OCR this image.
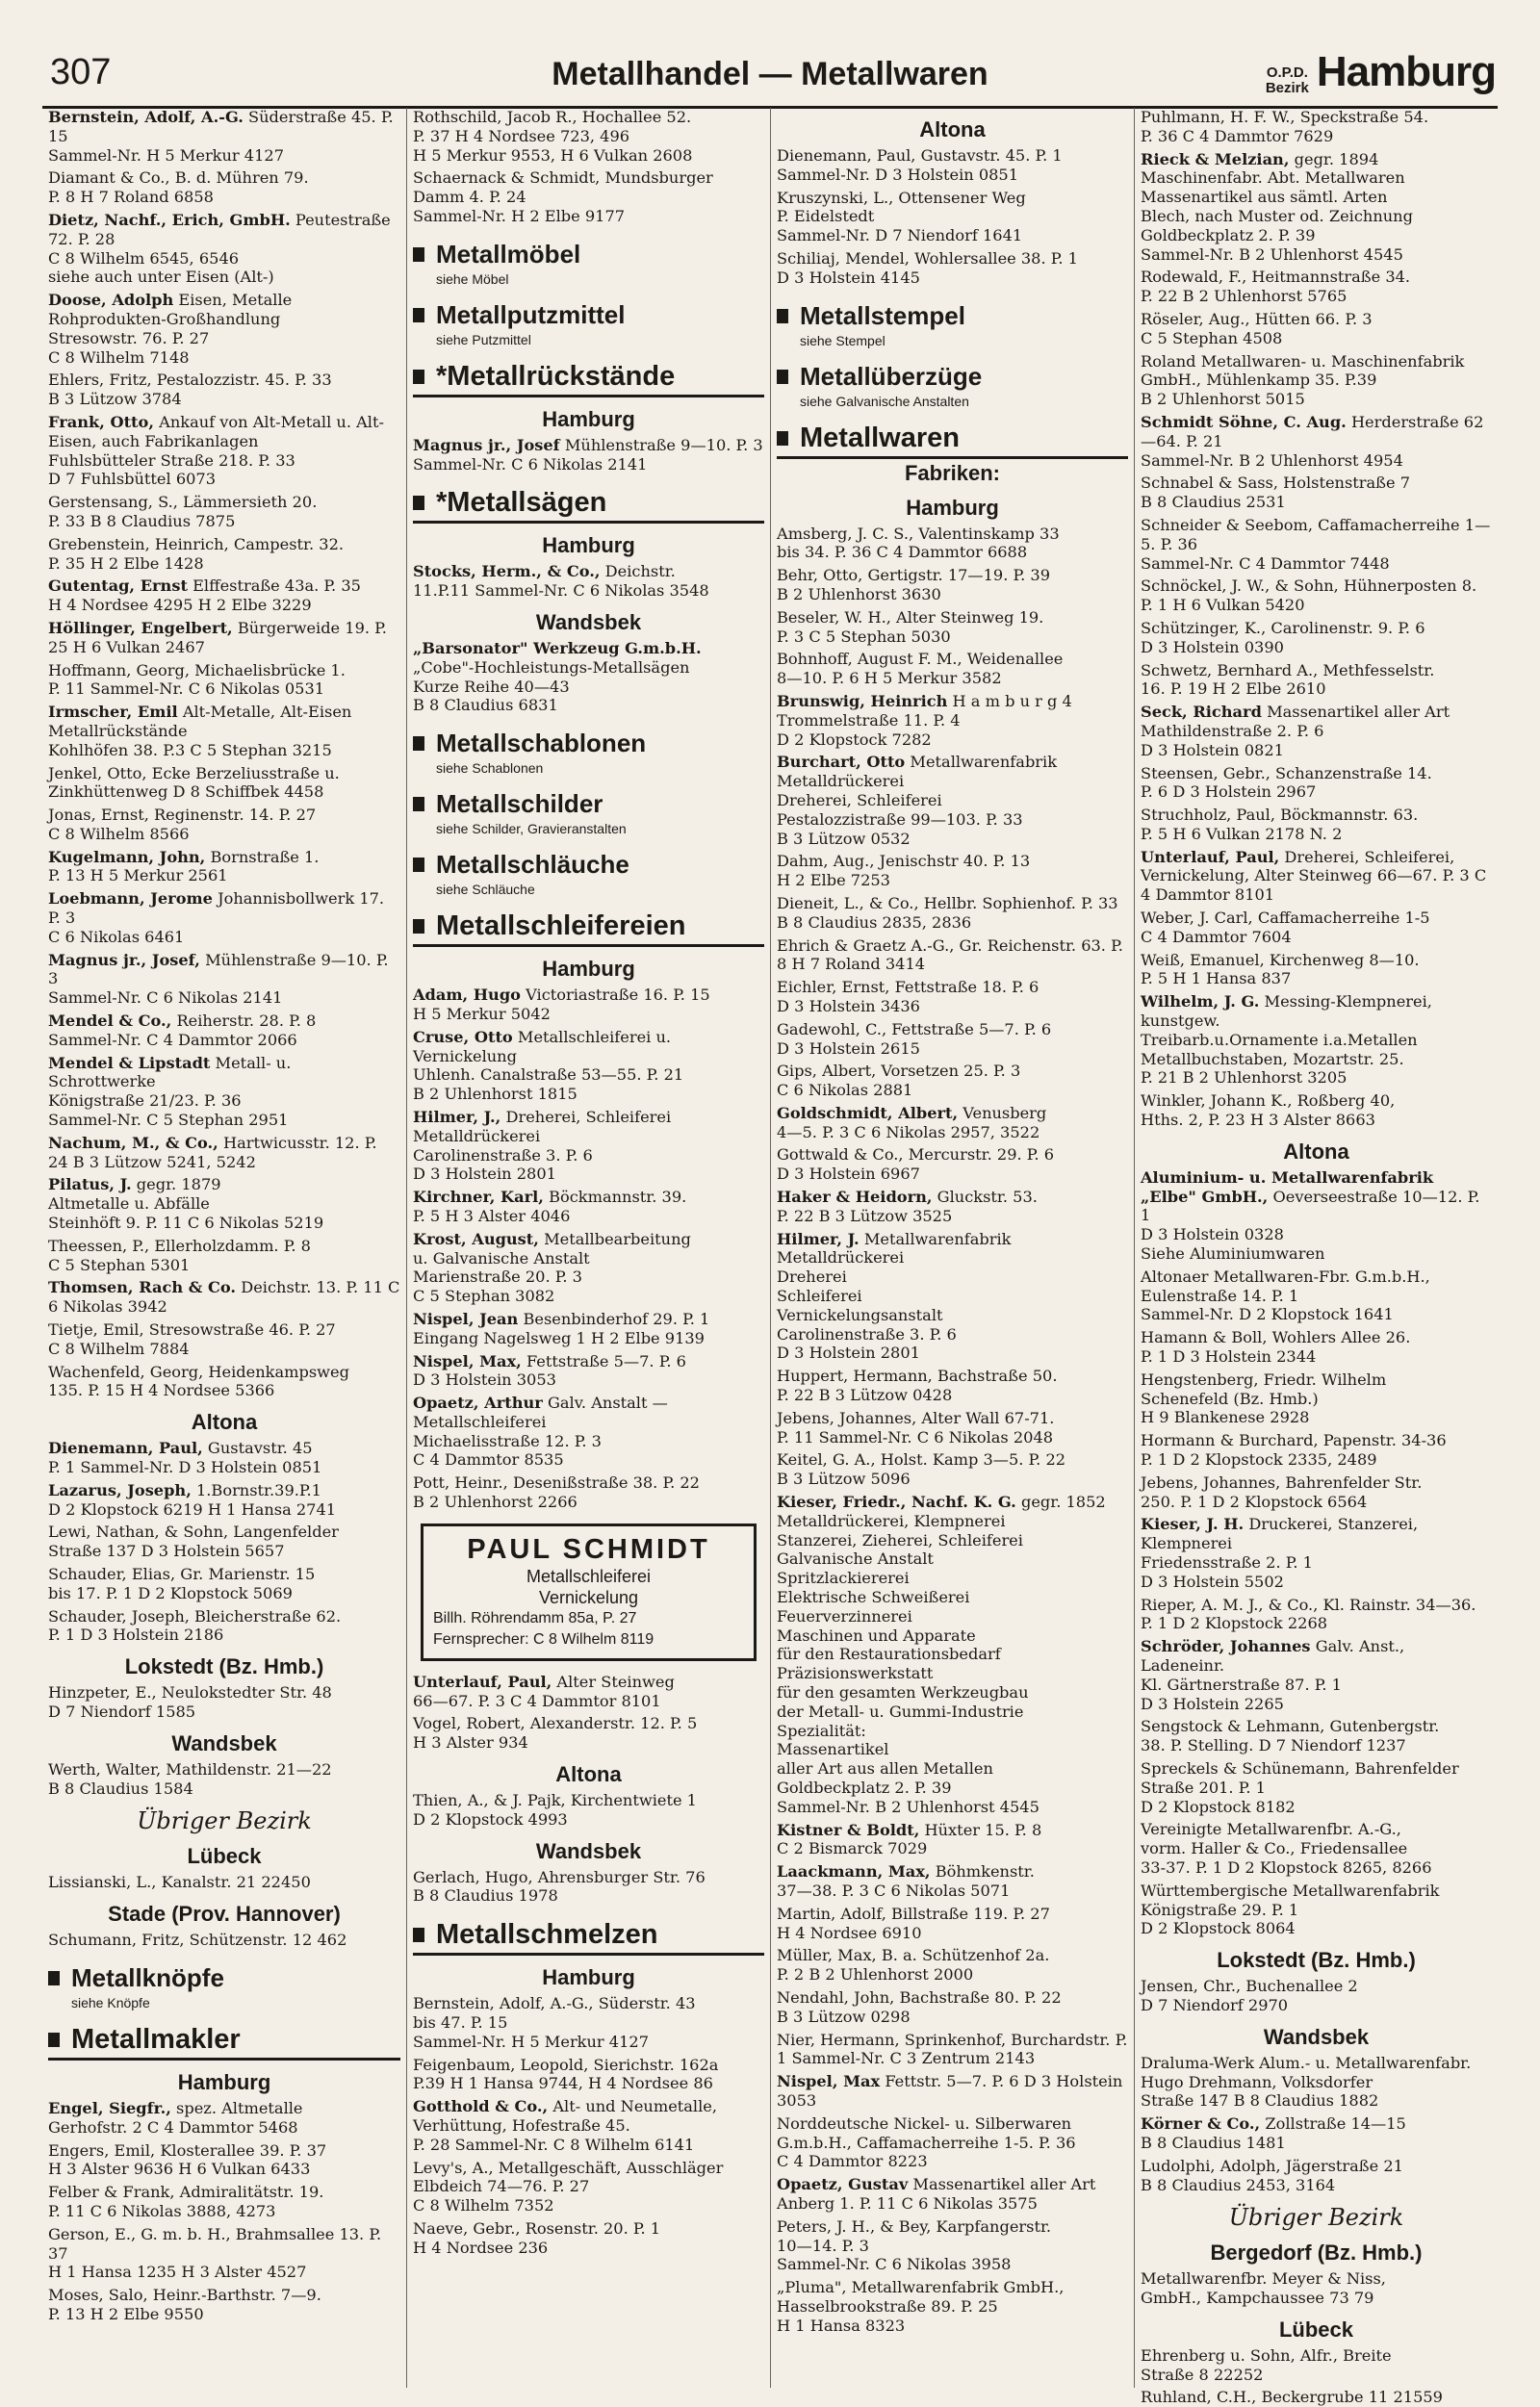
307	Metallhandel — Metallwaren	O.P.D.
Bezirk Hamburg
Bernstein, Adolf, A.-G. Süderstraße 45. P. 15
Sammel-Nr. H 5 Merkur 4127
Diamant & Co., B. d. Mühren 79.
P. 8 H 7 Roland 6858
Dietz, Nachf., Erich, GmbH. Peutestraße 72. P. 28
C 8 Wilhelm 6545, 6546
siehe auch unter Eisen (Alt-)
Doose, Adolph Eisen, Metalle
Rohprodukten-Großhandlung
Stresowstr. 76. P. 27
C 8 Wilhelm 7148
Ehlers, Fritz, Pestalozzistr. 45. P. 33
B 3 Lützow 3784
Frank, Otto, Ankauf von Alt-Metall u. Alt-Eisen, auch Fabrikanlagen
Fuhlsbütteler Straße 218. P. 33
D 7 Fuhlsbüttel 6073
Gerstensang, S., Lämmersieth 20.
P. 33 B 8 Claudius 7875
Grebenstein, Heinrich, Campestr. 32.
P. 35 H 2 Elbe 1428
Gutentag, Ernst Elffestraße 43a. P. 35
H 4 Nordsee 4295 H 2 Elbe 3229
Höllinger, Engelbert, Bürgerweide 19. P. 25 H 6 Vulkan 2467
Hoffmann, Georg, Michaelisbrücke 1.
P. 11 Sammel-Nr. C 6 Nikolas 0531
Irmscher, Emil Alt-Metalle, Alt-Eisen
Metallrückstände
Kohlhöfen 38. P.3 C 5 Stephan 3215
Jenkel, Otto, Ecke Berzeliusstraße u.
Zinkhüttenweg D 8 Schiffbek 4458
Jonas, Ernst, Reginenstr. 14. P. 27
C 8 Wilhelm 8566
Kugelmann, John, Bornstraße 1.
P. 13 H 5 Merkur 2561
Loebmann, Jerome Johannisbollwerk 17. P. 3
C 6 Nikolas 6461
Magnus jr., Josef, Mühlenstraße 9—10. P. 3
Sammel-Nr. C 6 Nikolas 2141
Mendel & Co., Reiherstr. 28. P. 8
Sammel-Nr. C 4 Dammtor 2066
Mendel & Lipstadt Metall- u. Schrottwerke
Königstraße 21/23. P. 36
Sammel-Nr. C 5 Stephan 2951
Nachum, M., & Co., Hartwicusstr. 12. P. 24 B 3 Lützow 5241, 5242
Pilatus, J. gegr. 1879
Altmetalle u. Abfälle
Steinhöft 9. P. 11 C 6 Nikolas 5219
Theessen, P., Ellerholzdamm. P. 8
C 5 Stephan 5301
Thomsen, Rach & Co. Deichstr. 13. P. 11 C 6 Nikolas 3942
Tietje, Emil, Stresowstraße 46. P. 27
C 8 Wilhelm 7884
Wachenfeld, Georg, Heidenkampsweg
135. P. 15 H 4 Nordsee 5366
Altona
Dienemann, Paul, Gustavstr. 45
P. 1 Sammel-Nr. D 3 Holstein 0851
Lazarus, Joseph, 1.Bornstr.39.P.1
D 2 Klopstock 6219 H 1 Hansa 2741
Lewi, Nathan, & Sohn, Langenfelder
Straße 137 D 3 Holstein 5657
Schauder, Elias, Gr. Marienstr. 15
bis 17. P. 1 D 2 Klopstock 5069
Schauder, Joseph, Bleicherstraße 62.
P. 1 D 3 Holstein 2186
Lokstedt (Bz. Hmb.)
Hinzpeter, E., Neulokstedter Str. 48
D 7 Niendorf 1585
Wandsbek
Werth, Walter, Mathildenstr. 21—22
B 8 Claudius 1584
Übriger Bezirk
Lübeck
Lissianski, L., Kanalstr. 21 22450
Stade (Prov. Hannover)
Schumann, Fritz, Schützenstr. 12 462
Metallknöpfe
siehe Knöpfe
Metallmakler
Hamburg
Engel, Siegfr., spez. Altmetalle
Gerhofstr. 2 C 4 Dammtor 5468
Engers, Emil, Klosterallee 39. P. 37
H 3 Alster 9636 H 6 Vulkan 6433
Felber & Frank, Admiralitätstr. 19.
P. 11 C 6 Nikolas 3888, 4273
Gerson, E., G. m. b. H., Brahmsallee 13. P. 37
H 1 Hansa 1235 H 3 Alster 4527
Moses, Salo, Heinr.-Barthstr. 7—9.
P. 13 H 2 Elbe 9550
Rothschild, Jacob R., Hochallee 52.
P. 37 H 4 Nordsee 723, 496
H 5 Merkur 9553, H 6 Vulkan 2608
Schaernack & Schmidt, Mundsburger
Damm 4. P. 24
Sammel-Nr. H 2 Elbe 9177
Metallmöbel
siehe Möbel
Metallputzmittel
siehe Putzmittel
*Metallrückstände
Hamburg
Magnus jr., Josef Mühlenstraße 9—10. P. 3
Sammel-Nr. C 6 Nikolas 2141
*Metallsägen
Hamburg
Stocks, Herm., & Co., Deichstr.
11.P.11 Sammel-Nr. C 6 Nikolas 3548
Wandsbek
„Barsonator" Werkzeug G.m.b.H. „Cobe"-Hochleistungs-Metallsägen
Kurze Reihe 40—43
B 8 Claudius 6831
Metallschablonen
siehe Schablonen
Metallschilder
siehe Schilder, Gravieranstalten
Metallschläuche
siehe Schläuche
Metallschleifereien
Hamburg
Adam, Hugo Victoriastraße 16. P. 15
H 5 Merkur 5042
Cruse, Otto Metallschleiferei u. Vernickelung
Uhlenh. Canalstraße 53—55. P. 21
B 2 Uhlenhorst 1815
Hilmer, J., Dreherei, Schleiferei
Metalldrückerei
Carolinenstraße 3. P. 6
D 3 Holstein 2801
Kirchner, Karl, Böckmannstr. 39.
P. 5 H 3 Alster 4046
Krost, August, Metallbearbeitung
u. Galvanische Anstalt
Marienstraße 20. P. 3
C 5 Stephan 3082
Nispel, Jean Besenbinderhof 29. P. 1
Eingang Nagelsweg 1 H 2 Elbe 9139
Nispel, Max, Fettstraße 5—7. P. 6
D 3 Holstein 3053
Opaetz, Arthur Galv. Anstalt — Metallschleiferei
Michaelisstraße 12. P. 3
C 4 Dammtor 8535
Pott, Heinr., Desenißstraße 38. P. 22
B 2 Uhlenhorst 2266
PAUL SCHMIDT
Metallschleiferei
Vernickelung
Billh. Röhrendamm 85a, P. 27
Fernsprecher: C 8 Wilhelm 8119
Unterlauf, Paul, Alter Steinweg
66—67. P. 3 C 4 Dammtor 8101
Vogel, Robert, Alexanderstr. 12. P. 5
H 3 Alster 934
Altona
Thien, A., & J. Pajk, Kirchentwiete 1
D 2 Klopstock 4993
Wandsbek
Gerlach, Hugo, Ahrensburger Str. 76
B 8 Claudius 1978
Metallschmelzen
Hamburg
Bernstein, Adolf, A.-G., Süderstr. 43
bis 47. P. 15
Sammel-Nr. H 5 Merkur 4127
Feigenbaum, Leopold, Sierichstr. 162a
P.39 H 1 Hansa 9744, H 4 Nordsee 86
Gotthold & Co., Alt- und Neumetalle, Verhüttung, Hofestraße 45.
P. 28 Sammel-Nr. C 8 Wilhelm 6141
Levy's, A., Metallgeschäft, Ausschläger Elbdeich 74—76. P. 27
C 8 Wilhelm 7352
Naeve, Gebr., Rosenstr. 20. P. 1
H 4 Nordsee 236
Altona
Dienemann, Paul, Gustavstr. 45. P. 1
Sammel-Nr. D 3 Holstein 0851
Kruszynski, L., Ottensener Weg
P. Eidelstedt
Sammel-Nr. D 7 Niendorf 1641
Schiliaj, Mendel, Wohlersallee 38. P. 1
D 3 Holstein 4145
Metallstempel
siehe Stempel
Metallüberzüge
siehe Galvanische Anstalten
Metallwaren
Fabriken:
Hamburg
Amsberg, J. C. S., Valentinskamp 33
bis 34. P. 36 C 4 Dammtor 6688
Behr, Otto, Gertigstr. 17—19. P. 39
B 2 Uhlenhorst 3630
Beseler, W. H., Alter Steinweg 19.
P. 3 C 5 Stephan 5030
Bohnhoff, August F. M., Weidenallee
8—10. P. 6 H 5 Merkur 3582
Brunswig, Heinrich H a m b u r g 4
Trommelstraße 11. P. 4
D 2 Klopstock 7282
Burchart, Otto Metallwarenfabrik
Metalldrückerei
Dreherei, Schleiferei
Pestalozzistraße 99—103. P. 33
B 3 Lützow 0532
Dahm, Aug., Jenischstr 40. P. 13
H 2 Elbe 7253
Dieneit, L., & Co., Hellbr. Sophienhof. P. 33 B 8 Claudius 2835, 2836
Ehrich & Graetz A.-G., Gr. Reichenstr. 63. P. 8 H 7 Roland 3414
Eichler, Ernst, Fettstraße 18. P. 6
D 3 Holstein 3436
Gadewohl, C., Fettstraße 5—7. P. 6
D 3 Holstein 2615
Gips, Albert, Vorsetzen 25. P. 3
C 6 Nikolas 2881
Goldschmidt, Albert, Venusberg
4—5. P. 3 C 6 Nikolas 2957, 3522
Gottwald & Co., Mercurstr. 29. P. 6
D 3 Holstein 6967
Haker & Heidorn, Gluckstr. 53.
P. 22 B 3 Lützow 3525
Hilmer, J. Metallwarenfabrik
Metalldrückerei
Dreherei
Schleiferei
Vernickelungsanstalt
Carolinenstraße 3. P. 6
D 3 Holstein 2801
Huppert, Hermann, Bachstraße 50.
P. 22 B 3 Lützow 0428
Jebens, Johannes, Alter Wall 67-71.
P. 11 Sammel-Nr. C 6 Nikolas 2048
Keitel, G. A., Holst. Kamp 3—5. P. 22
B 3 Lützow 5096
Kieser, Friedr., Nachf. K. G. gegr. 1852
Metalldrückerei, Klempnerei
Stanzerei, Zieherei, Schleiferei
Galvanische Anstalt
Spritzlackiererei
Elektrische Schweißerei
Feuerverzinnerei
Maschinen und Apparate
für den Restaurationsbedarf
Präzisionswerkstatt
für den gesamten Werkzeugbau
der Metall- u. Gummi-Industrie
Spezialität:
Massenartikel
aller Art aus allen Metallen
Goldbeckplatz 2. P. 39
Sammel-Nr. B 2 Uhlenhorst 4545
Kistner & Boldt, Hüxter 15. P. 8
C 2 Bismarck 7029
Laackmann, Max, Böhmkenstr.
37—38. P. 3 C 6 Nikolas 5071
Martin, Adolf, Billstraße 119. P. 27
H 4 Nordsee 6910
Müller, Max, B. a. Schützenhof 2a.
P. 2 B 2 Uhlenhorst 2000
Nendahl, John, Bachstraße 80. P. 22
B 3 Lützow 0298
Nier, Hermann, Sprinkenhof, Burchardstr. P. 1 Sammel-Nr. C 3 Zentrum 2143
Nispel, Max Fettstr. 5—7. P. 6 D 3 Holstein 3053
Norddeutsche Nickel- u. Silberwaren
G.m.b.H., Caffamacherreihe 1-5. P. 36
C 4 Dammtor 8223
Opaetz, Gustav Massenartikel aller Art
Anberg 1. P. 11 C 6 Nikolas 3575
Peters, J. H., & Bey, Karpfangerstr.
10—14. P. 3
Sammel-Nr. C 6 Nikolas 3958
„Pluma", Metallwarenfabrik GmbH.,
Hasselbrookstraße 89. P. 25
H 1 Hansa 8323
Puhlmann, H. F. W., Speckstraße 54.
P. 36 C 4 Dammtor 7629
Rieck & Melzian, gegr. 1894
Maschinenfabr. Abt. Metallwaren
Massenartikel aus sämtl. Arten
Blech, nach Muster od. Zeichnung
Goldbeckplatz 2. P. 39
Sammel-Nr. B 2 Uhlenhorst 4545
Rodewald, F., Heitmannstraße 34.
P. 22 B 2 Uhlenhorst 5765
Röseler, Aug., Hütten 66. P. 3
C 5 Stephan 4508
Roland Metallwaren- u. Maschinenfabrik GmbH., Mühlenkamp 35. P.39
B 2 Uhlenhorst 5015
Schmidt Söhne, C. Aug. Herderstraße 62—64. P. 21
Sammel-Nr. B 2 Uhlenhorst 4954
Schnabel & Sass, Holstenstraße 7
B 8 Claudius 2531
Schneider & Seebom, Caffamacherreihe 1—5. P. 36
Sammel-Nr. C 4 Dammtor 7448
Schnöckel, J. W., & Sohn, Hühnerposten 8. P. 1 H 6 Vulkan 5420
Schützinger, K., Carolinenstr. 9. P. 6
D 3 Holstein 0390
Schwetz, Bernhard A., Methfesselstr.
16. P. 19 H 2 Elbe 2610
Seck, Richard Massenartikel aller Art
Mathildenstraße 2. P. 6
D 3 Holstein 0821
Steensen, Gebr., Schanzenstraße 14.
P. 6 D 3 Holstein 2967
Struchholz, Paul, Böckmannstr. 63.
P. 5 H 6 Vulkan 2178 N. 2
Unterlauf, Paul, Dreherei, Schleiferei, Vernickelung, Alter Steinweg 66—67. P. 3 C 4 Dammtor 8101
Weber, J. Carl, Caffamacherreihe 1-5
C 4 Dammtor 7604
Weiß, Emanuel, Kirchenweg 8—10.
P. 5 H 1 Hansa 837
Wilhelm, J. G. Messing-Klempnerei, kunstgew.
Treibarb.u.Ornamente i.a.Metallen
Metallbuchstaben, Mozartstr. 25.
P. 21 B 2 Uhlenhorst 3205
Winkler, Johann K., Roßberg 40,
Hths. 2, P. 23 H 3 Alster 8663
Altona
Aluminium- u. Metallwarenfabrik „Elbe" GmbH., Oeverseestraße 10—12. P. 1
D 3 Holstein 0328
Siehe Aluminiumwaren
Altonaer Metallwaren-Fbr. G.m.b.H.,
Eulenstraße 14. P. 1
Sammel-Nr. D 2 Klopstock 1641
Hamann & Boll, Wohlers Allee 26.
P. 1 D 3 Holstein 2344
Hengstenberg, Friedr. Wilhelm
Schenefeld (Bz. Hmb.)
H 9 Blankenese 2928
Hormann & Burchard, Papenstr. 34-36
P. 1 D 2 Klopstock 2335, 2489
Jebens, Johannes, Bahrenfelder Str.
250. P. 1 D 2 Klopstock 6564
Kieser, J. H. Druckerei, Stanzerei, Klempnerei
Friedensstraße 2. P. 1
D 3 Holstein 5502
Rieper, A. M. J., & Co., Kl. Rainstr. 34—36. P. 1 D 2 Klopstock 2268
Schröder, Johannes Galv. Anst., Ladeneinr.
Kl. Gärtnerstraße 87. P. 1
D 3 Holstein 2265
Sengstock & Lehmann, Gutenbergstr.
38. P. Stelling. D 7 Niendorf 1237
Spreckels & Schünemann, Bahrenfelder Straße 201. P. 1
D 2 Klopstock 8182
Vereinigte Metallwarenfbr. A.-G.,
vorm. Haller & Co., Friedensallee
33-37. P. 1 D 2 Klopstock 8265, 8266
Württembergische Metallwarenfabrik
Königstraße 29. P. 1
D 2 Klopstock 8064
Lokstedt (Bz. Hmb.)
Jensen, Chr., Buchenallee 2
D 7 Niendorf 2970
Wandsbek
Draluma-Werk Alum.- u. Metallwarenfabr. Hugo Drehmann, Volksdorfer
Straße 147 B 8 Claudius 1882
Körner & Co., Zollstraße 14—15
B 8 Claudius 1481
Ludolphi, Adolph, Jägerstraße 21
B 8 Claudius 2453, 3164
Übriger Bezirk
Bergedorf (Bz. Hmb.)
Metallwarenfbr. Meyer & Niss,
GmbH., Kampchaussee 73 79
Lübeck
Ehrenberg u. Sohn, Alfr., Breite
Straße 8 22252
Ruhland, C.H., Beckergrube 11 21559
